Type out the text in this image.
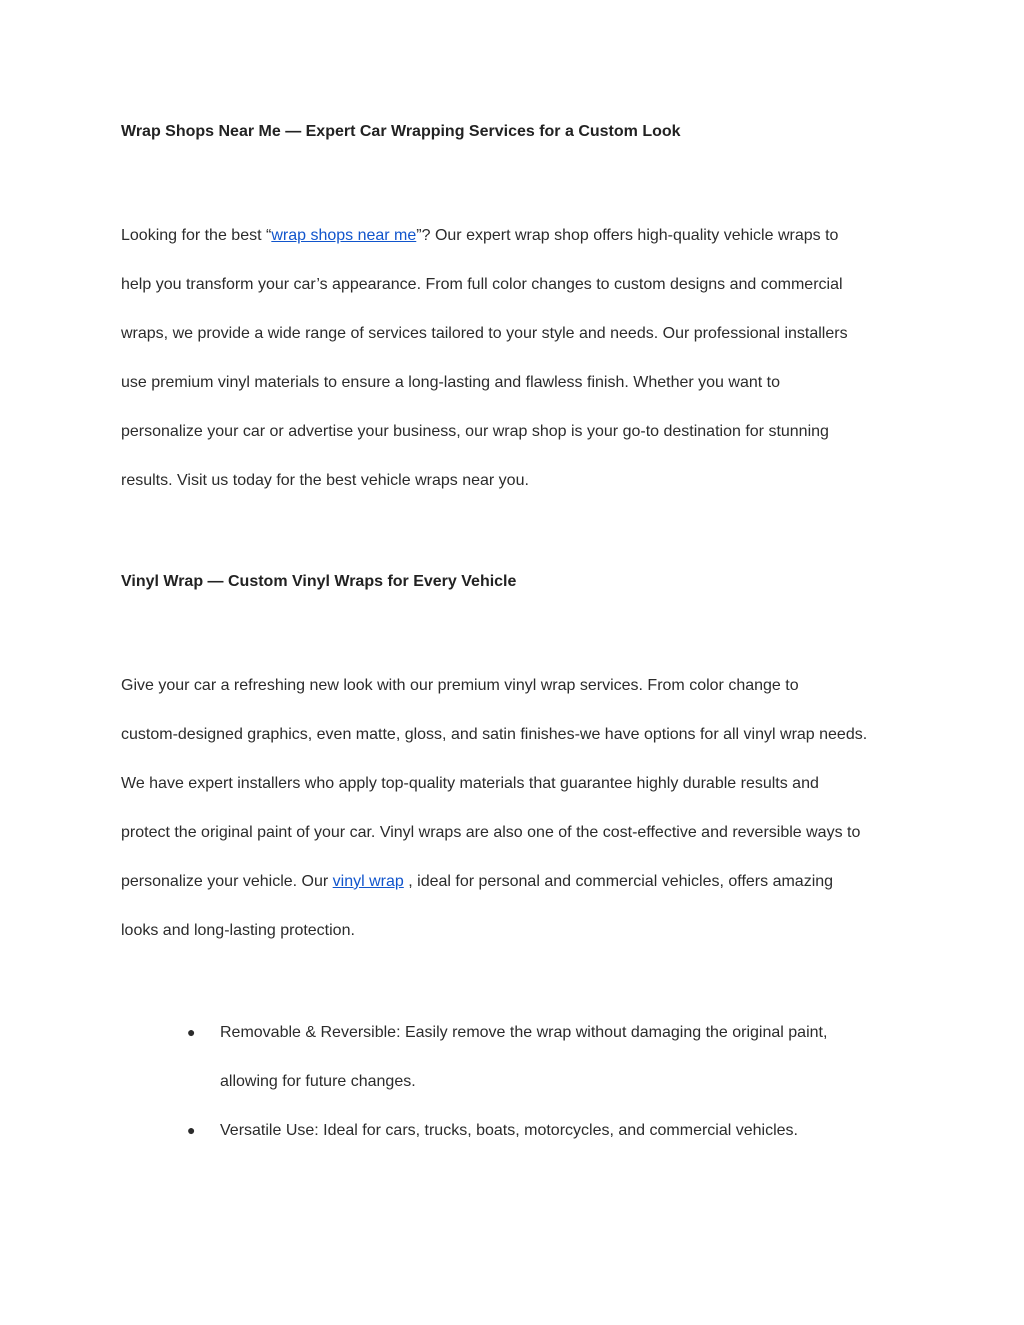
Wrap Shops Near Me — Expert Car Wrapping Services for a Custom Look
Looking for the best “wrap shops near me”? Our expert wrap shop offers high-quality vehicle wraps to
help you transform your car’s appearance. From full color changes to custom designs and commercial
wraps, we provide a wide range of services tailored to your style and needs. Our professional installers
use premium vinyl materials to ensure a long-lasting and flawless finish. Whether you want to
personalize your car or advertise your business, our wrap shop is your go-to destination for stunning
results. Visit us today for the best vehicle wraps near you.
Vinyl Wrap — Custom Vinyl Wraps for Every Vehicle
Give your car a refreshing new look with our premium vinyl wrap services. From color change to
custom-designed graphics, even matte, gloss, and satin finishes-we have options for all vinyl wrap needs.
We have expert installers who apply top-quality materials that guarantee highly durable results and
protect the original paint of your car. Vinyl wraps are also one of the cost-effective and reversible ways to
personalize your vehicle. Our vinyl wrap , ideal for personal and commercial vehicles, offers amazing
looks and long-lasting protection.
● Removable & Reversible: Easily remove the wrap without damaging the original paint,
allowing for future changes.
● Versatile Use: Ideal for cars, trucks, boats, motorcycles, and commercial vehicles.
